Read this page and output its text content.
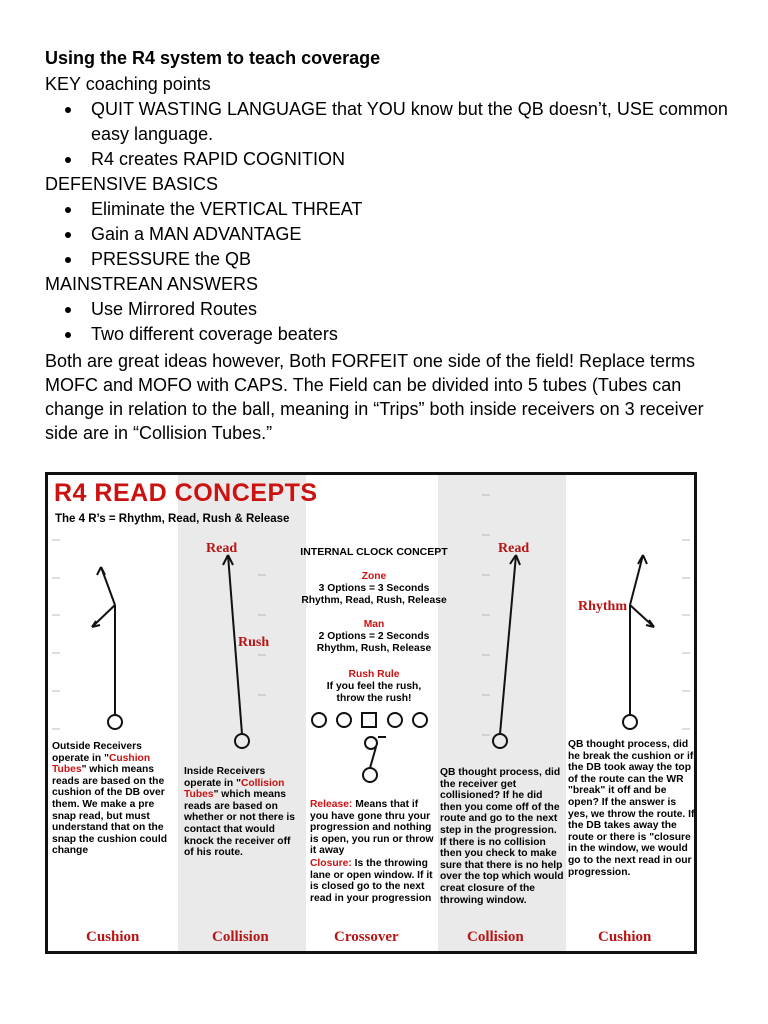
Using the R4 system to teach coverage

KEY coaching points

QUIT WASTING LANGUAGE that YOU know but the QB doesn’t, USE common easy language.
R4 creates RAPID COGNITION

DEFENSIVE BASICS

Eliminate the VERTICAL THREAT
Gain a MAN ADVANTAGE
PRESSURE the QB

MAINSTREAN ANSWERS

Use Mirrored Routes
Two different coverage beaters

Both are great ideas however, Both FORFEIT one side of the field! Replace terms MOFC and MOFO with CAPS. The Field can be divided into 5 tubes (Tubes can change in relation to the ball, meaning in “Trips” both inside receivers on 3 receiver side are in “Collision Tubes.”

R4 READ CONCEPTS
The 4 R’s = Rhythm, Read, Rush & Release
Read
Rush
Read
Rhythm
INTERNAL CLOCK CONCEPT
Zone
3 Options = 3 Seconds
Rhythm, Read, Rush, Release
Man
2 Options = 2 Seconds
Rhythm, Rush, Release
Rush Rule
If you feel the rush,
throw the rush!
Outside Receivers operate in "Cushion Tubes" which means reads are based on the cushion of the DB over them. We make a pre snap read, but must understand that on the snap the cushion could change
Inside Receivers operate in "Collision Tubes" which means reads are based on whether or not there is contact that would knock the receiver off of his route.
Release: Means that if you have gone thru your progression and nothing is open, you run or throw it away
Closure: Is the throwing lane or open window. If it is closed go to the next read in your progression
QB thought process, did the receiver get collisioned? If he did then you come off of the route and go to the next step in the progression. If there is no collision then you check to make sure that there is no help over the top which would creat closure of the throwing window.
QB thought process, did he break the cushion or if the DB took away the top of the route can the WR "break" it off and be open? If the answer is yes, we throw the route. If the DB takes away the route or there is "closure in the window, we would go to the next read in our progression.
Cushion	Collision	Crossover	Collision	Cushion
